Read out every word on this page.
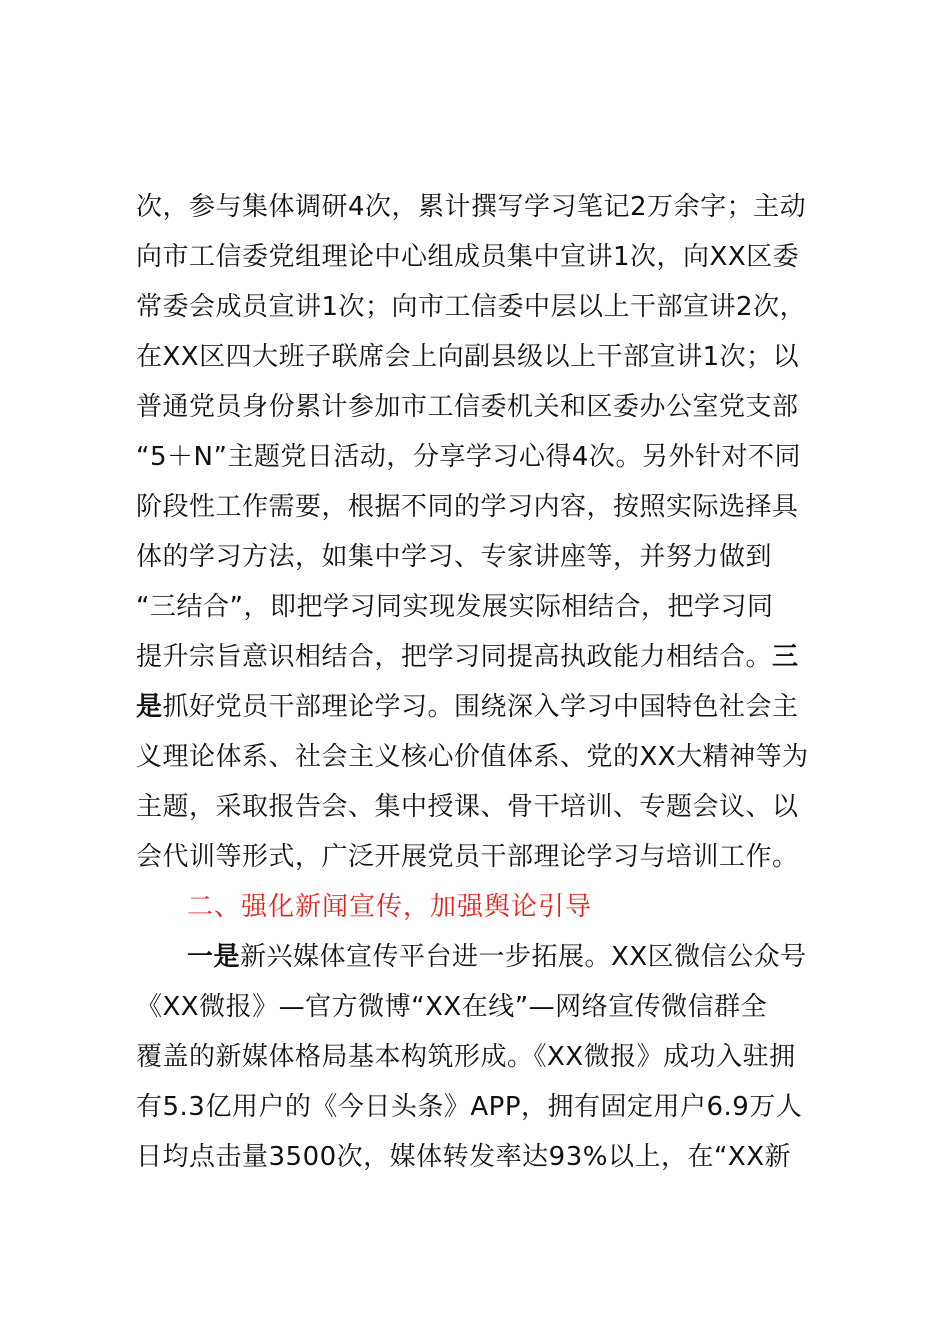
次，参与集体调研4次，累计撰写学习笔记2万余字；主动
向市工信委党组理论中心组成员集中宣讲1次，向XX区委
常委会成员宣讲1次；向市工信委中层以上干部宣讲2次，
在XX区四大班子联席会上向副县级以上干部宣讲1次；以
普通党员身份累计参加市工信委机关和区委办公室党支部
“5＋N”主题党日活动，分享学习心得4次。另外针对不同
阶段性工作需要，根据不同的学习内容，按照实际选择具
体的学习方法，如集中学习、专家讲座等，并努力做到
“三结合”，即把学习同实现发展实际相结合，把学习同
提升宗旨意识相结合，把学习同提高执政能力相结合。三
是抓好党员干部理论学习。围绕深入学习中国特色社会主
义理论体系、社会主义核心价值体系、党的XX大精神等为
主题，采取报告会、集中授课、骨干培训、专题会议、以
会代训等形式，广泛开展党员干部理论学习与培训工作。
二、强化新闻宣传，加强舆论引导
一是新兴媒体宣传平台进一步拓展。XX区微信公众号
《XX微报》—官方微博“XX在线”—网络宣传微信群全
覆盖的新媒体格局基本构筑形成。《XX微报》成功入驻拥
有5.3亿用户的《今日头条》APP，拥有固定用户6.9万人
日均点击量3500次，媒体转发率达93%以上，在“XX新
